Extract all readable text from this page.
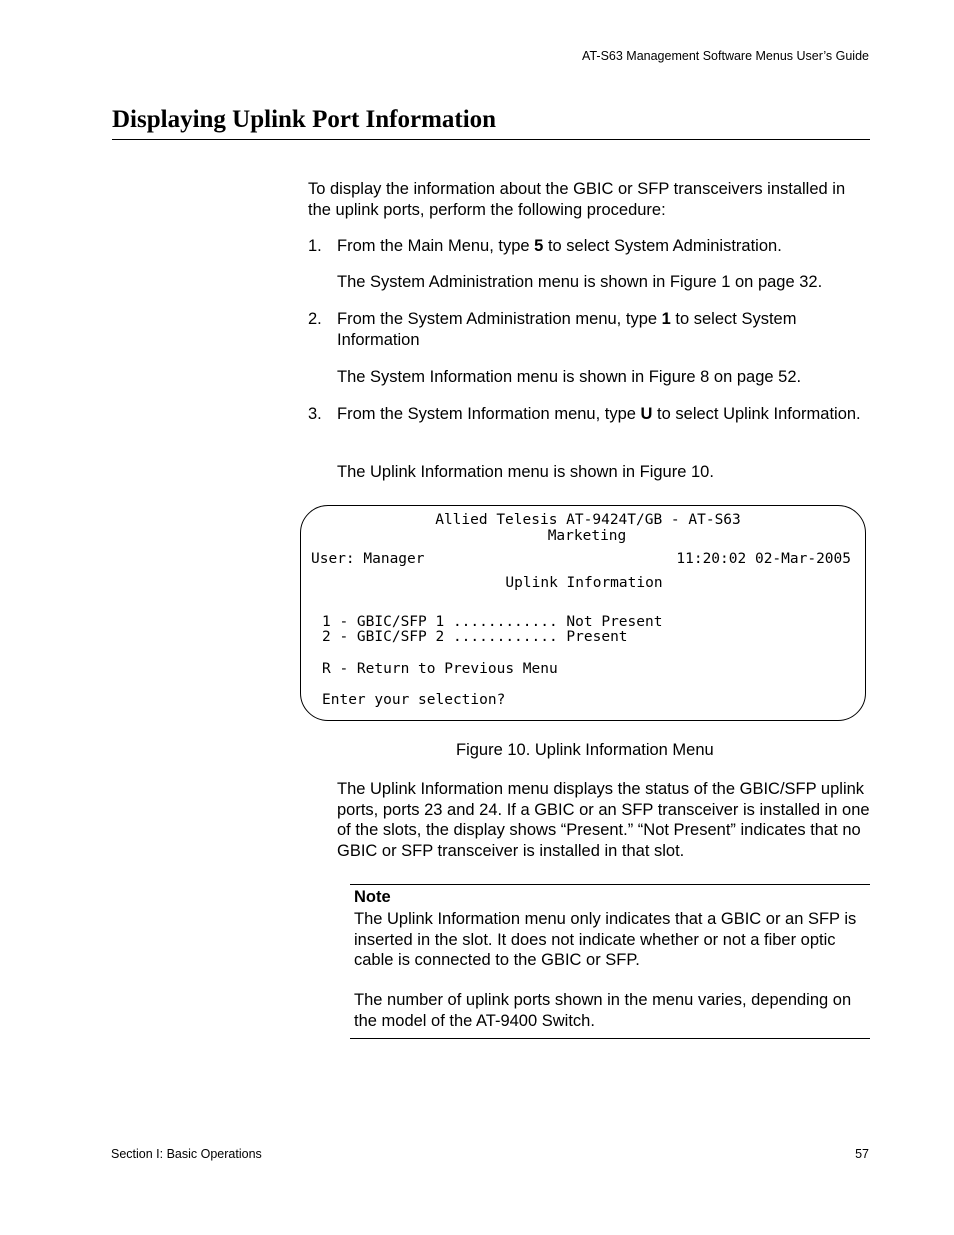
AT-S63 Management Software Menus User’s Guide
Displaying Uplink Port Information
To display the information about the GBIC or SFP transceivers installed in the uplink ports, perform the following procedure:
1. From the Main Menu, type 5 to select System Administration.
The System Administration menu is shown in Figure 1 on page 32.
2. From the System Administration menu, type 1 to select System Information
The System Information menu is shown in Figure 8 on page 52.
3. From the System Information menu, type U to select Uplink Information.
The Uplink Information menu is shown in Figure 10.
Allied Telesis AT-9424T/GB - AT-S63
Marketing
User: Manager	11:20:02 02-Mar-2005
Uplink Information
1 - GBIC/SFP 1 ............ Not Present
2 - GBIC/SFP 2 ............ Present
R - Return to Previous Menu
Enter your selection?
Figure 10. Uplink Information Menu
The Uplink Information menu displays the status of the GBIC/SFP uplink ports, ports 23 and 24. If a GBIC or an SFP transceiver is installed in one of the slots, the display shows “Present.” “Not Present” indicates that no GBIC or SFP transceiver is installed in that slot.
Note
The Uplink Information menu only indicates that a GBIC or an SFP is inserted in the slot. It does not indicate whether or not a fiber optic cable is connected to the GBIC or SFP.
The number of uplink ports shown in the menu varies, depending on the model of the AT-9400 Switch.
Section I: Basic Operations	57
